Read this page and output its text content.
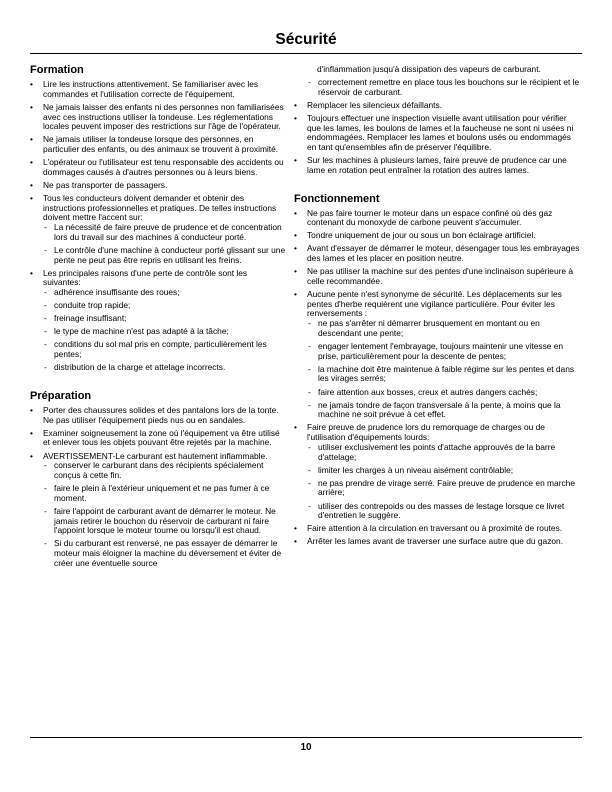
Sécurité
Formation
• Lire les instructions attentivement. Se familiariser avec les commandes et l'utilisation correcte de l'équipement.
• Ne jamais laisser des enfants ni des personnes non familiarisées avec ces instructions utiliser la tondeuse. Les réglementations locales peuvent imposer des restrictions sur l'âge de l'opérateur.
• Ne jamais utiliser la tondeuse lorsque des personnes, en particulier des enfants, ou des animaux se trouvent à proximité.
• L'opérateur ou l'utilisateur est tenu responsable des accidents ou dommages causés à d'autres personnes ou à leurs biens.
• Ne pas transporter de passagers.
• Tous les conducteurs doivent demander et obtenir des instructions professionnelles et pratiques. De telles instructions doivent mettre l'accent sur:
- La nécessité de faire preuve de prudence et de concentration lors du travail sur des machines à conducteur porté.
- Le contrôle d'une machine à conducteur porté glissant sur une pente ne peut pas être repris en utilisant les freins.
• Les principales raisons d'une perte de contrôle sont les suivantes:
- adhérence insuffisante des roues;
- conduite trop rapide;
- freinage insuffisant;
- le type de machine n'est pas adapté à la tâche;
- conditions du sol mal pris en compte, particulièrement les pentes;
- distribution de la charge et attelage incorrects.
Préparation
• Porter des chaussures solides et des pantalons lors de la tonte. Ne pas utiliser l'équipement pieds nus ou en sandales.
• Examiner soigneusement la zone où l'équipement va être utilisé et enlever tous les objets pouvant être rejetés par la machine.
• AVERTISSEMENT-Le carburant est hautement inflammable.
- conserver le carburant dans des récipients spécialement conçus à cette fin.
- faire le plein à l'extérieur uniquement et ne pas fumer à ce moment.
- faire l'appoint de carburant avant de démarrer le moteur. Ne jamais retirer le bouchon du réservoir de carburant ni faire l'appoint lorsque le moteur tourne ou lorsqu'il est chaud.
- Si du carburant est renversé, ne pas essayer de démarrer le moteur mais éloigner la machine du déversement et éviter de créer une éventuelle source
d'inflammation jusqu'à dissipation des vapeurs de carburant.
- correctement remettre en place tous les bouchons sur le récipient et le réservoir de carburant.
• Remplacer les silencieux défaillants.
• Toujours effectuer une inspection visuelle avant utilisation pour vérifier que les lames, les boulons de lames et la faucheuse ne sont ni usées ni endommagées. Remplacer les lames et boulons usés ou endommagés en tant qu'ensembles afin de préserver l'équilibre.
• Sur les machines à plusieurs lames, faire preuve de prudence car une lame en rotation peut entraîner la rotation des autres lames.
Fonctionnement
• Ne pas faire tourner le moteur dans un espace confiné où des gaz contenant du monoxyde de carbone peuvent s'accumuler.
• Tondre uniquement de jour ou sous un bon éclairage artificiel.
• Avant d'essayer de démarrer le moteur, désengager tous les embrayages des lames et les placer en position neutre.
• Ne pas utiliser la machine sur des pentes d'une inclinaison supérieure à celle recommandée.
• Aucune pente n'est synonyme de sécurité. Les déplacements sur les pentes d'herbe requièrent une vigilance particulière. Pour éviter les renversements :
- ne pas s'arrêter ni démarrer brusquement en montant ou en descendant une pente;
- engager lentement l'embrayage, toujours maintenir une vitesse en prise, particulièrement pour la descente de pentes;
- la machine doit être maintenue à faible régime sur les pentes et dans les virages serrés;
- faire attention aux bosses, creux et autres dangers cachés;
- ne jamais tondre de façon transversale à la pente, à moins que la machine ne soit prévue à cet effet.
• Faire preuve de prudence lors du remorquage de charges ou de l'utilisation d'équipements lourds:
- utiliser exclusivement les points d'attache approuvés de la barre d'attelage;
- limiter les charges à un niveau aisément contrôlable;
- ne pas prendre de virage serré. Faire preuve de prudence en marche arrière;
- utiliser des contrepoids ou des masses de lestage lorsque ce livret d'entretien le suggère.
• Faire attention à la circulation en traversant ou à proximité de routes.
• Arrêter les lames avant de traverser une surface autre que du gazon.
10
